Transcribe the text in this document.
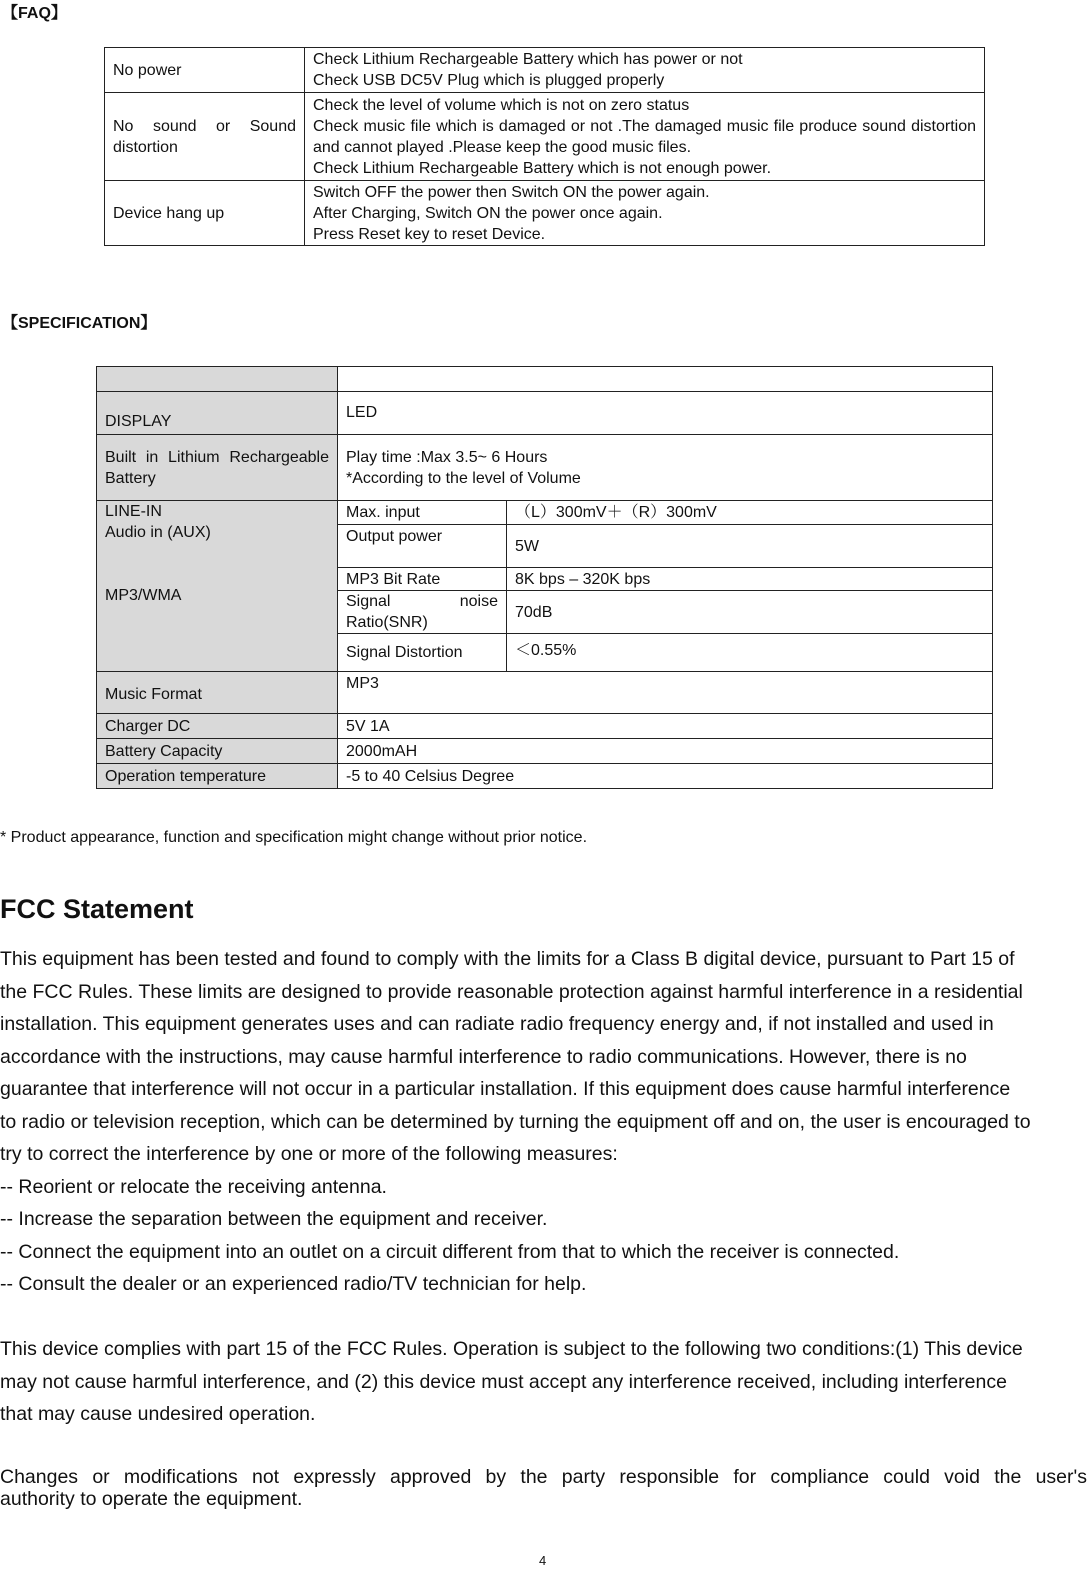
【FAQ】
No power	Check Lithium Rechargeable Battery which has power or not
Check USB DC5V Plug which is plugged properly

No sound or Sound distortion	Check the level of volume which is not on zero status
Check music file which is damaged or not .The damaged music file produce sound distortion and cannot played .Please keep the good music files.
Check Lithium Rechargeable Battery which is not enough power.

Device hang up	Switch OFF the power then Switch ON the power again.
After Charging, Switch ON the power once again.
Press Reset key to reset Device.
【SPECIFICATION】

DISPLAY	LED	
Built in Lithium Rechargeable Battery	Play time :Max 3.5~ 6 Hours
*According to the level of Volume	

LINE-IN
Audio in (AUX)
MP3/WMA	Max. input	（L）300mV＋（R）300mV
	Output power	5W
	MP3 Bit Rate	8K bps – 320K bps
	Signal noise Ratio(SNR)	70dB
	Signal Distortion	＜0.55%
Music Format	MP3	
Charger DC	5V 1A	
Battery Capacity	2000mAH	
Operation temperature	-5 to 40 Celsius Degree	
* Product appearance, function and specification might change without prior notice.
FCC Statement
This equipment has been tested and found to comply with the limits for a Class B digital device, pursuant to Part 15 of
the FCC Rules. These limits are designed to provide reasonable protection against harmful interference in a residential
installation. This equipment generates uses and can radiate radio frequency energy and, if not installed and used in
accordance with the instructions, may cause harmful interference to radio communications. However, there is no
guarantee that interference will not occur in a particular installation. If this equipment does cause harmful interference
to radio or television reception, which can be determined by turning the equipment off and on, the user is encouraged to
try to correct the interference by one or more of the following measures:
-- Reorient or relocate the receiving antenna.
-- Increase the separation between the equipment and receiver.
-- Connect the equipment into an outlet on a circuit different from that to which the receiver is connected.
-- Consult the dealer or an experienced radio/TV technician for help.
This device complies with part 15 of the FCC Rules. Operation is subject to the following two conditions:(1) This device
may not cause harmful interference, and (2) this device must accept any interference received, including interference
that may cause undesired operation.
Changes or modifications not expressly approved by the party responsible for compliance could void the user's
authority to operate the equipment.
4
